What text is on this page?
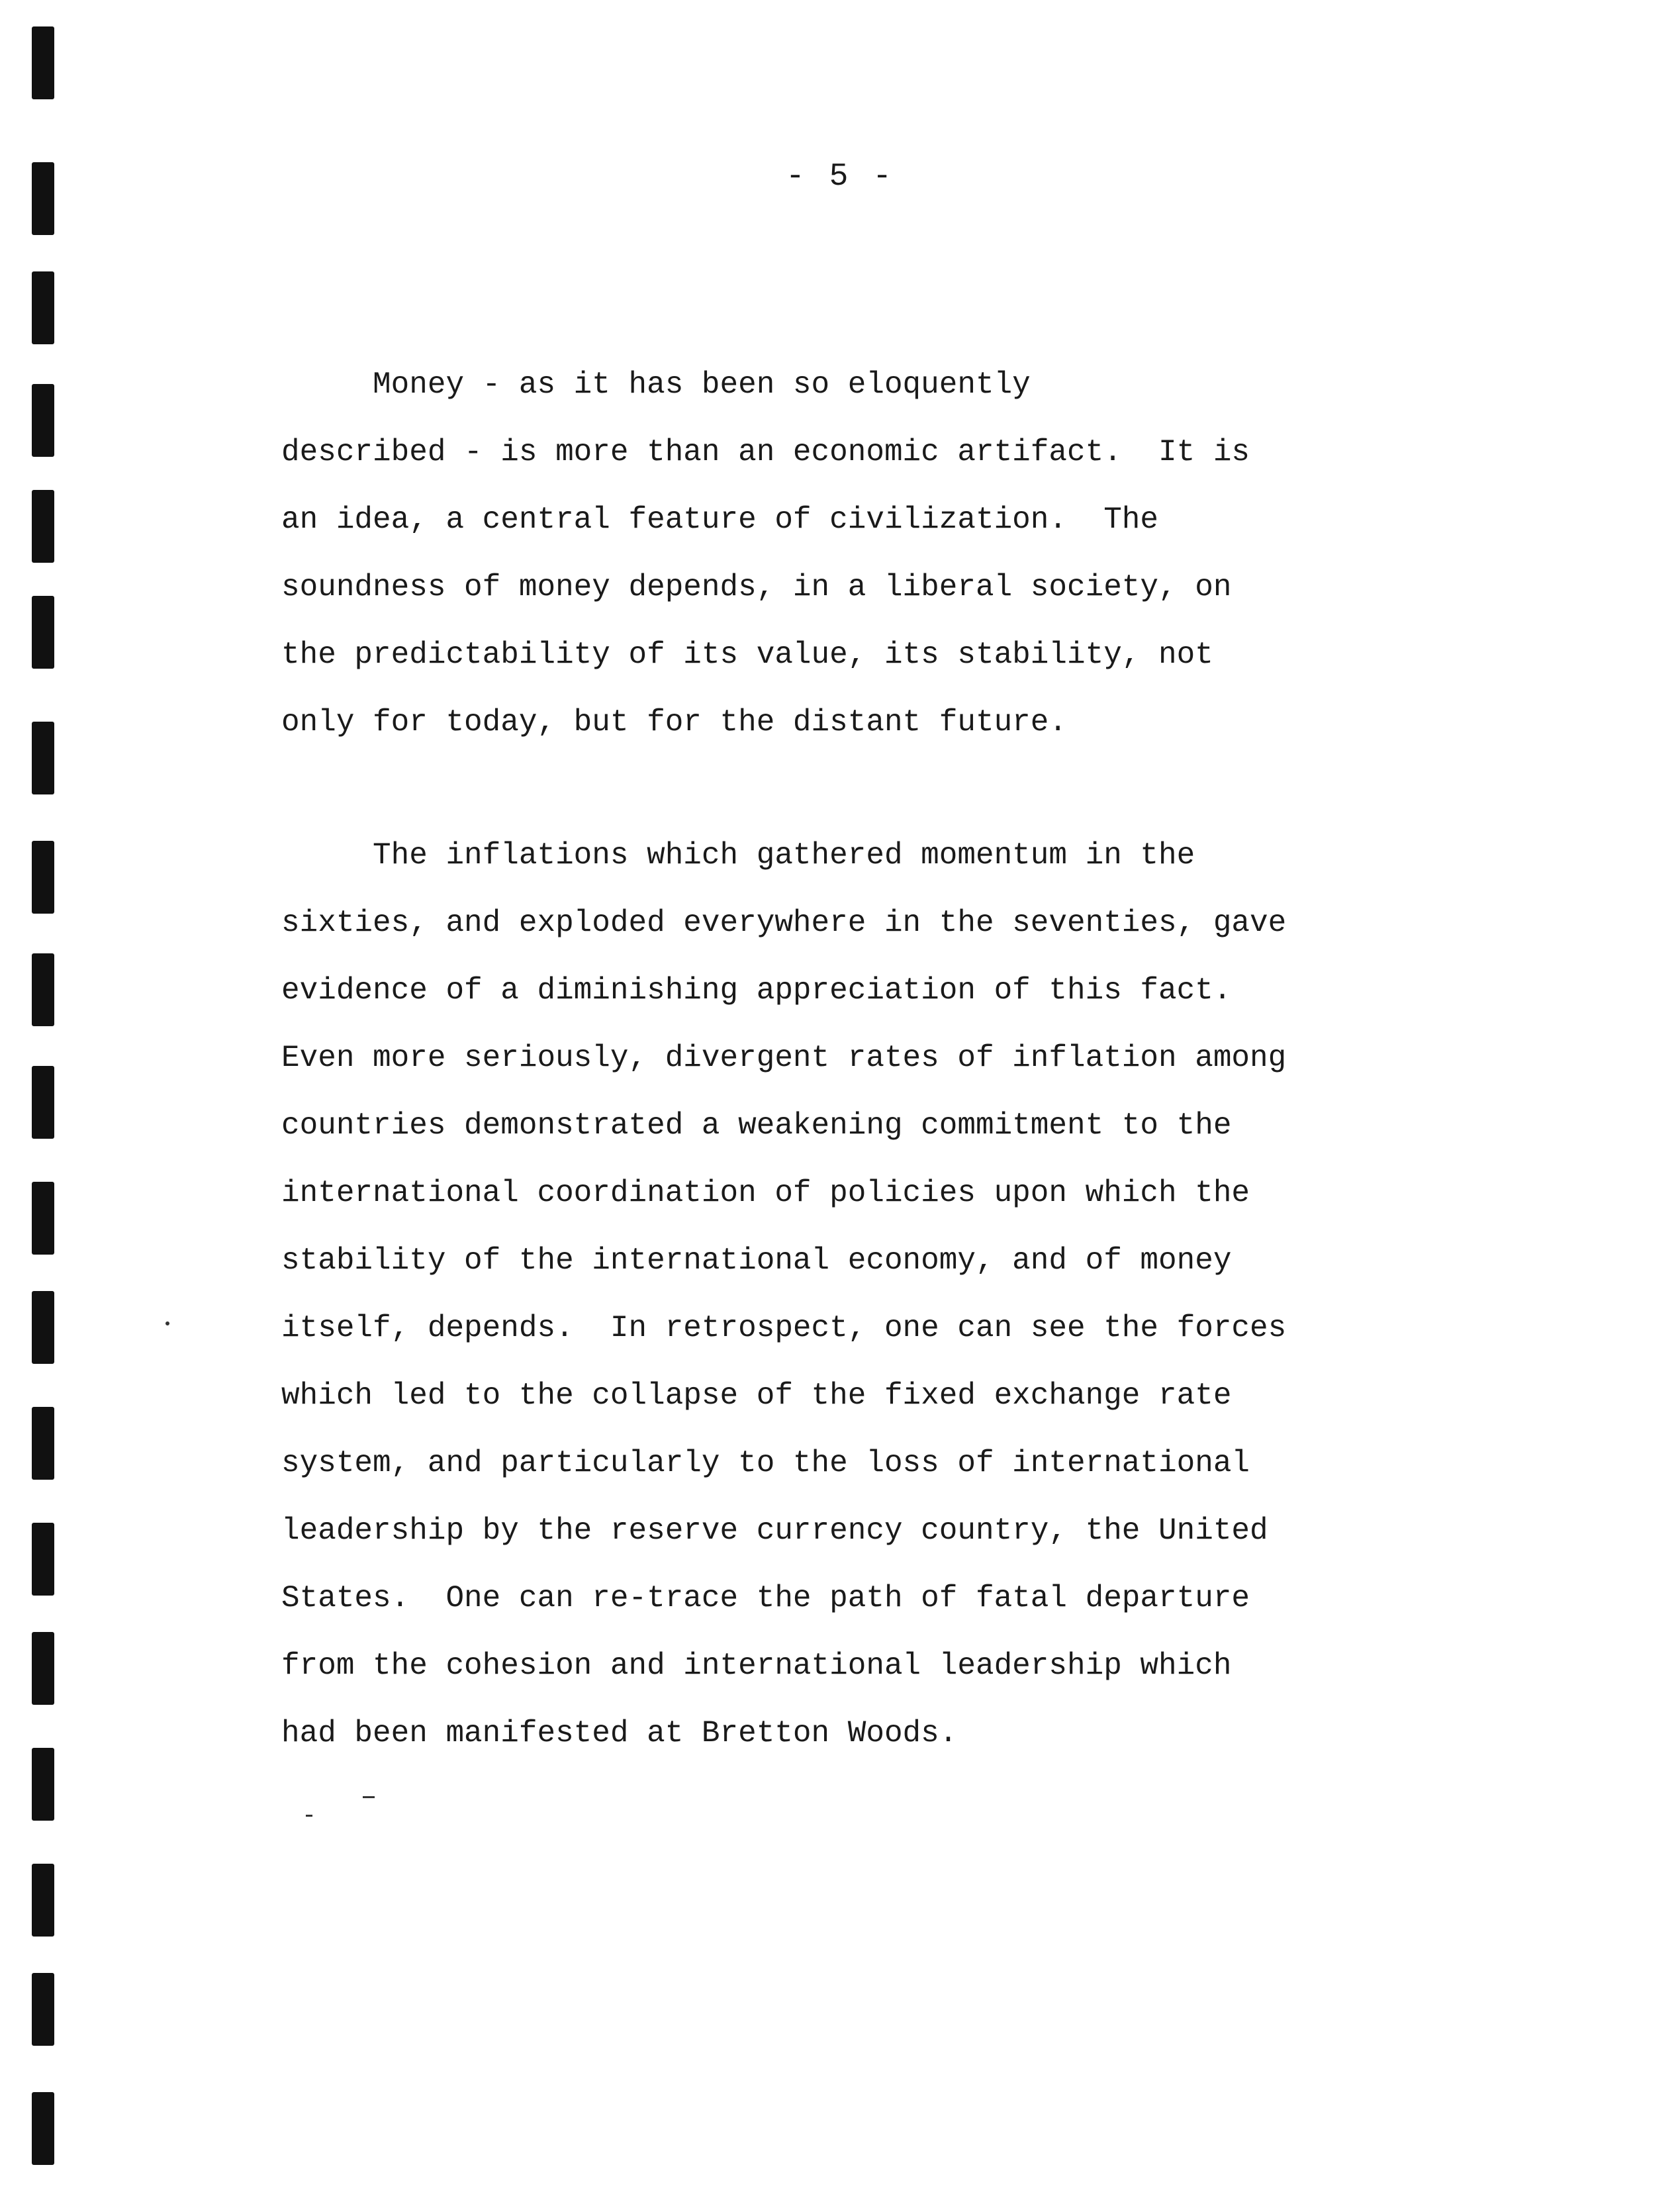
- 5 -
Money - as it has been so eloquently
described - is more than an economic artifact.  It is
an idea, a central feature of civilization.  The
soundness of money depends, in a liberal society, on
the predictability of its value, its stability, not
only for today, but for the distant future.
The inflations which gathered momentum in the
sixties, and exploded everywhere in the seventies, gave
evidence of a diminishing appreciation of this fact.
Even more seriously, divergent rates of inflation among
countries demonstrated a weakening commitment to the
international coordination of policies upon which the
stability of the international economy, and of money
itself, depends.  In retrospect, one can see the forces
which led to the collapse of the fixed exchange rate
system, and particularly to the loss of international
leadership by the reserve currency country, the United
States.  One can re-trace the path of fatal departure
from the cohesion and international leadership which
had been manifested at Bretton Woods.
